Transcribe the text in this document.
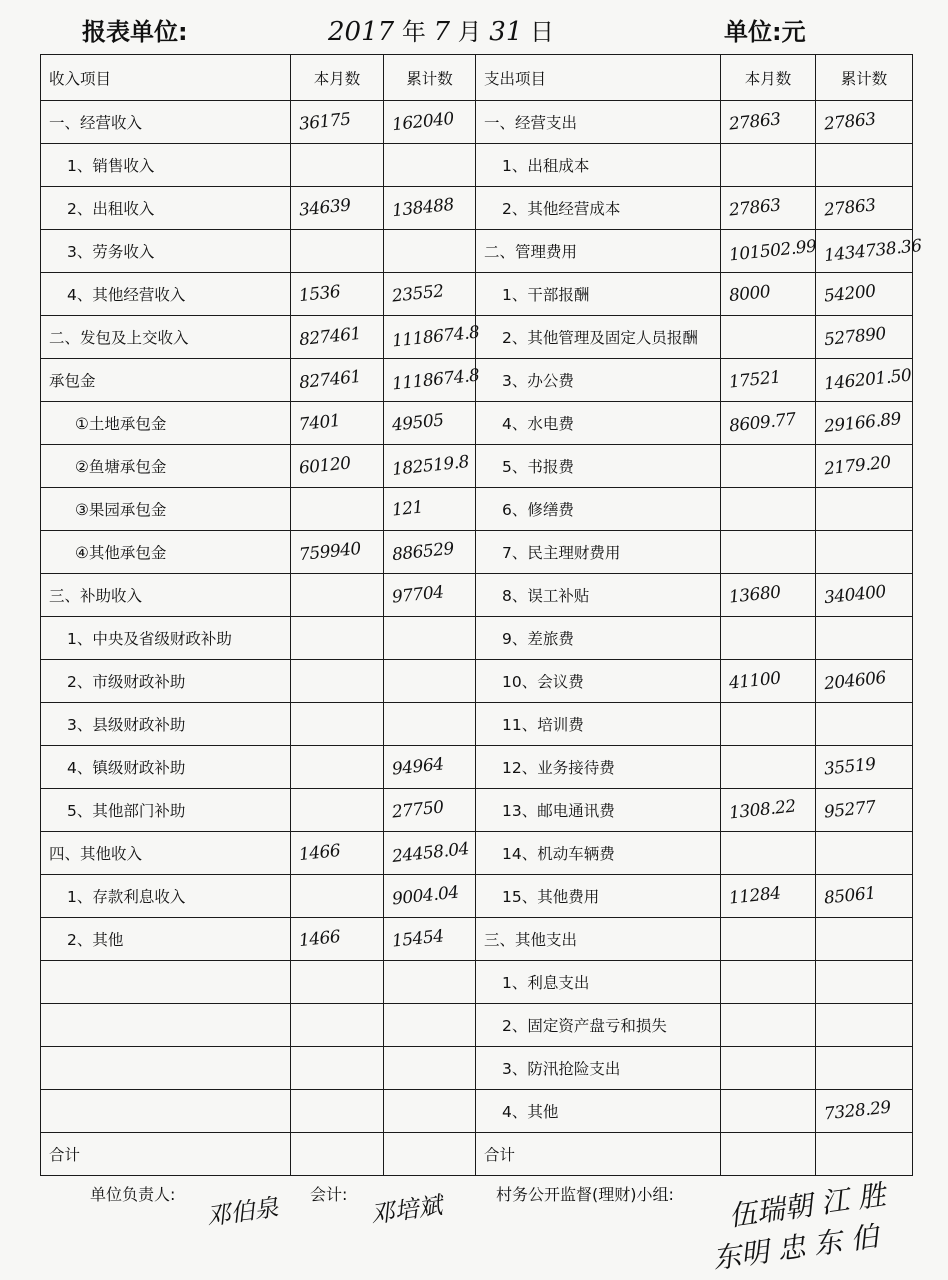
报表单位:	2017 年 7 月 31 日	单位:元
收入项目	本月数	累计数	支出项目	本月数	累计数
一、经营收入	36175	162040	一、经营支出	27863	27863
1、销售收入			1、出租成本		
2、出租收入	34639	138488	2、其他经营成本	27863	27863
3、劳务收入			二、管理费用	101502.99	1434738.36
4、其他经营收入	1536	23552	1、干部报酬	8000	54200
二、发包及上交收入	827461	1118674.8	2、其他管理及固定人员报酬		527890
承包金	827461	1118674.8	3、办公费	17521	146201.50
①土地承包金	7401	49505	4、水电费	8609.77	29166.89
②鱼塘承包金	60120	182519.8	5、书报费		2179.20
③果园承包金		121	6、修缮费		
④其他承包金	759940	886529	7、民主理财费用		
三、补助收入		97704	8、误工补贴	13680	340400
1、中央及省级财政补助			9、差旅费		
2、市级财政补助			10、会议费	41100	204606
3、县级财政补助			11、培训费		
4、镇级财政补助		94964	12、业务接待费		35519
5、其他部门补助		27750	13、邮电通讯费	1308.22	95277
四、其他收入	1466	24458.04	14、机动车辆费		
1、存款利息收入		9004.04	15、其他费用	11284	85061
2、其他	1466	15454	三、其他支出		
			1、利息支出		
			2、固定资产盘亏和损失		
			3、防汛抢险支出		
			4、其他		7328.29
合计			合计		
单位负责人: 邓伯泉 会计: 邓培斌	村务公开监督(理财)小组: 伍瑞朝 江 胜
东明 忠 东 伯
